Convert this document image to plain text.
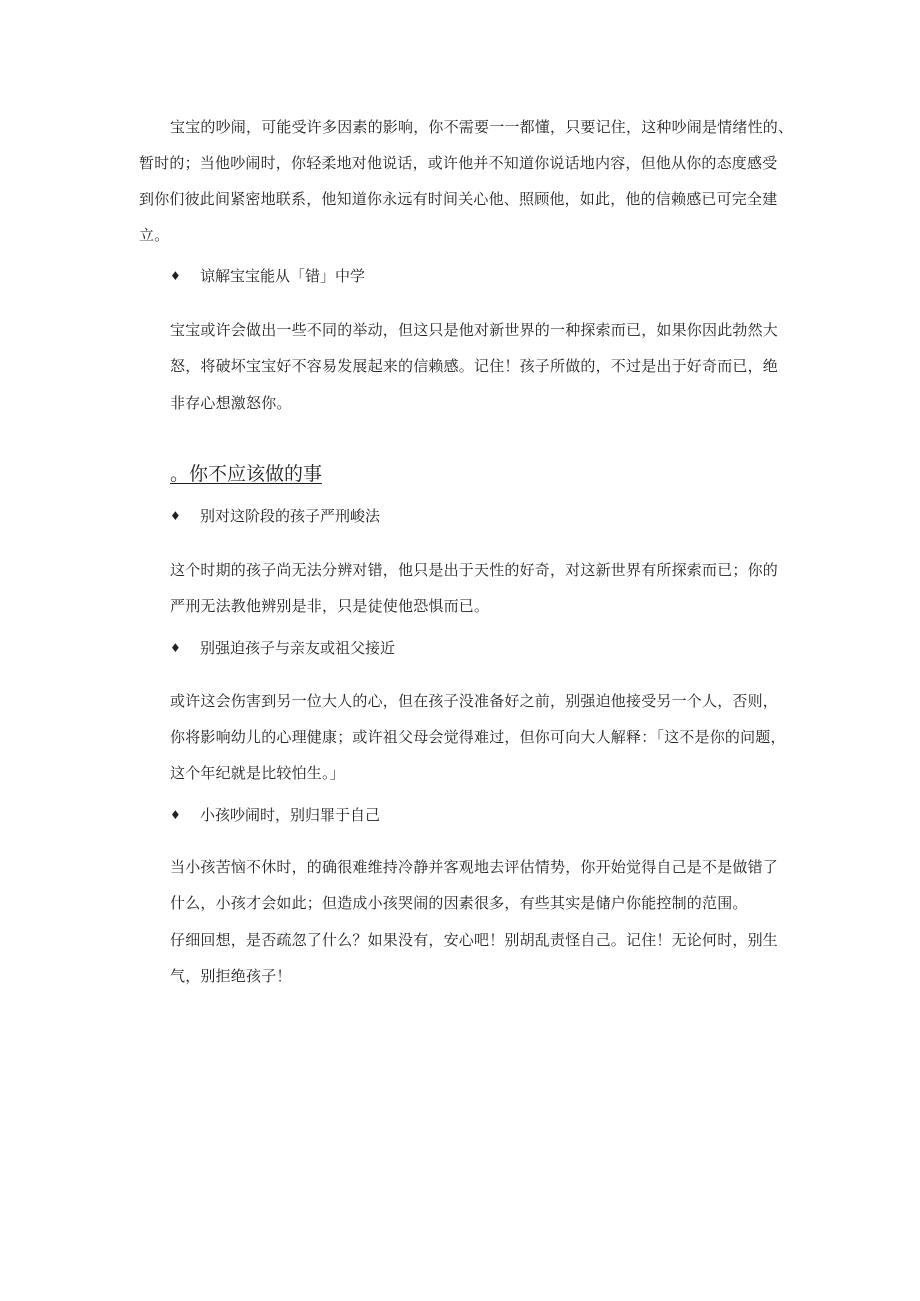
宝宝的吵闹，可能受许多因素的影响，你不需要一一都懂，只要记住，这种吵闹是情绪性的、
暂时的；当他吵闹时，你轻柔地对他说话，或许他并不知道你说话地内容，但他从你的态度感受
到你们彼此间紧密地联系，他知道你永远有时间关心他、照顾他，如此，他的信赖感已可完全建
立。
♦ 谅解宝宝能从「错」中学
宝宝或许会做出一些不同的举动，但这只是他对新世界的一种探索而已，如果你因此勃然大
怒，将破坏宝宝好不容易发展起来的信赖感。记住！孩子所做的，不过是出于好奇而已，绝
非存心想激怒你。
。你不应该做的事
♦ 别对这阶段的孩子严刑峻法
这个时期的孩子尚无法分辨对错，他只是出于天性的好奇，对这新世界有所探索而已；你的
严刑无法教他辨别是非，只是徒使他恐惧而已。
♦ 别强迫孩子与亲友或祖父接近
或许这会伤害到另一位大人的心，但在孩子没准备好之前，别强迫他接受另一个人，否则，
你将影响幼儿的心理健康；或许祖父母会觉得难过，但你可向大人解释：「这不是你的问题，
这个年纪就是比较怕生。」
♦ 小孩吵闹时，别归罪于自己
当小孩苦恼不休时，的确很难维持冷静并客观地去评估情势，你开始觉得自己是不是做错了
什么，小孩才会如此；但造成小孩哭闹的因素很多，有些其实是储户你能控制的范围。
仔细回想，是否疏忽了什么？如果没有，安心吧！别胡乱责怪自己。记住！无论何时，别生
气，别拒绝孩子！
